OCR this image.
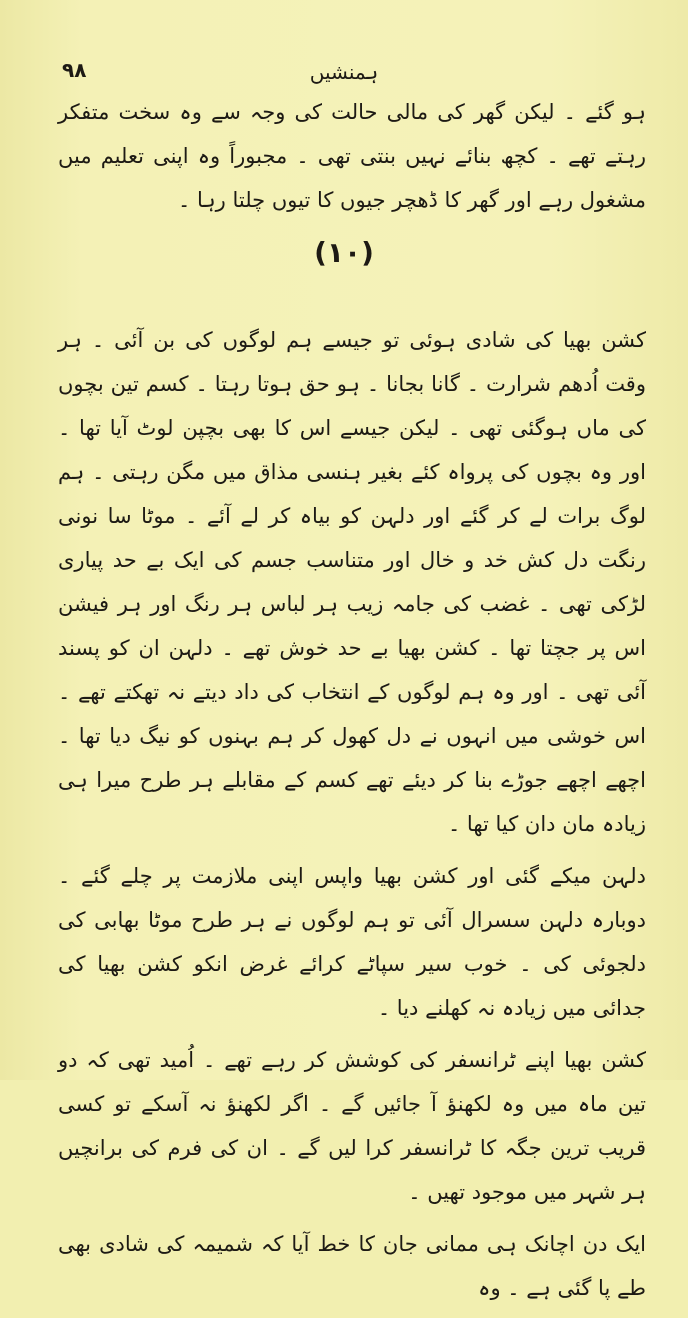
۹۸	ہمنشیں

ہو گئے ۔ لیکن گھر کی مالی حالت کی وجہ سے وہ سخت متفکر رہتے تھے ۔ کچھ بنائے نہیں بنتی تھی ۔ مجبوراً وہ اپنی تعلیم میں مشغول رہے اور گھر کا ڈھچر جیوں کا تیوں چلتا رہا ۔

(۱۰)

کشن بھیا کی شادی ہوئی تو جیسے ہم لوگوں کی بن آئی ۔ ہر وقت اُدھم شرارت ۔ گانا بجانا ۔ ہو حق ہوتا رہتا ۔ کسم تین بچوں کی ماں ہوگئی تھی ۔ لیکن جیسے اس کا بھی بچپن لوٹ آیا تھا ۔ اور وہ بچوں کی پرواہ کئے بغیر ہنسی مذاق میں مگن رہتی ۔ ہم لوگ برات لے کر گئے اور دلہن کو بیاہ کر لے آئے ۔ موٹا سا نونی رنگت دل کش خد و خال اور متناسب جسم کی ایک بے حد پیاری لڑکی تھی ۔ غضب کی جامہ زیب ہر لباس ہر رنگ اور ہر فیشن اس پر جچتا تھا ۔ کشن بھیا بے حد خوش تھے ۔ دلہن ان کو پسند آئی تھی ۔ اور وہ ہم لوگوں کے انتخاب کی داد دیتے نہ تھکتے تھے ۔ اس خوشی میں انہوں نے دل کھول کر ہم بہنوں کو نیگ دیا تھا ۔ اچھے اچھے جوڑے بنا کر دیئے تھے کسم کے مقابلے ہر طرح میرا ہی زیادہ مان دان کیا تھا ۔

دلہن میکے گئی اور کشن بھیا واپس اپنی ملازمت پر چلے گئے ۔ دوبارہ دلہن سسرال آئی تو ہم لوگوں نے ہر طرح موٹا بھابی کی دلجوئی کی ۔ خوب سیر سپاٹے کرائے غرض انکو کشن بھیا کی جدائی میں زیادہ نہ کھلنے دیا ۔

کشن بھیا اپنے ٹرانسفر کی کوشش کر رہے تھے ۔ اُمید تھی کہ دو تین ماہ میں وہ لکھنؤ آ جائیں گے ۔ اگر لکھنؤ نہ آسکے تو کسی قریب ترین جگہ کا ٹرانسفر کرا لیں گے ۔ ان کی فرم کی برانچیں ہر شہر میں موجود تھیں ۔

ایک دن اچانک ہی ممانی جان کا خط آیا کہ شمیمہ کی شادی بھی طے پا گئی ہے ۔ وہ
